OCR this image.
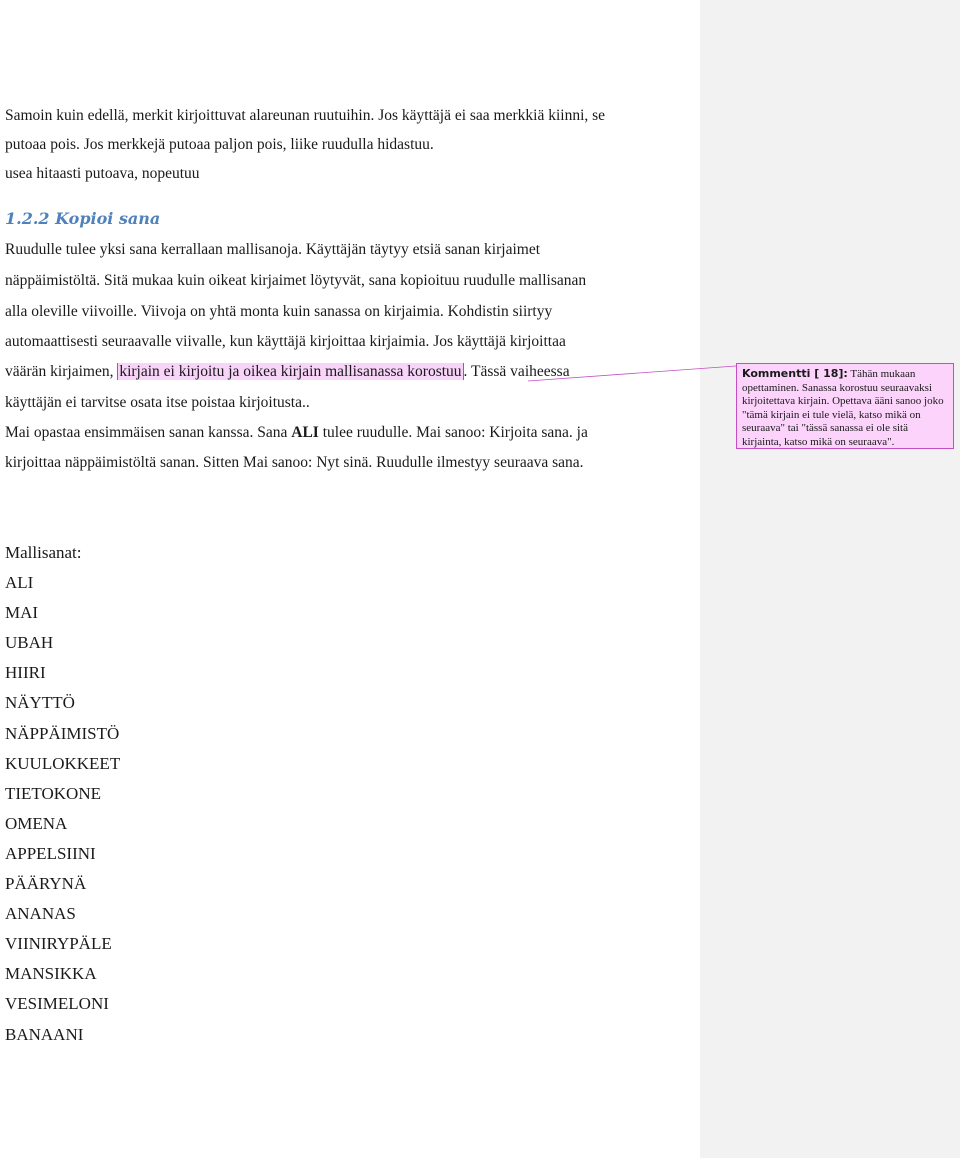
Samoin kuin edellä, merkit kirjoittuvat alareunan ruutuihin. Jos käyttäjä ei saa merkkiä kiinni, se
putoaa pois. Jos merkkejä putoaa paljon pois, liike ruudulla hidastuu.
usea hitaasti putoava, nopeutuu
1.2.2 Kopioi sana
Ruudulle tulee yksi sana kerrallaan mallisanoja. Käyttäjän täytyy etsiä sanan kirjaimet
näppäimistöltä. Sitä mukaa kuin oikeat kirjaimet löytyvät, sana kopioituu ruudulle mallisanan
alla oleville viivoille. Viivoja on yhtä monta kuin sanassa on kirjaimia. Kohdistin siirtyy
automaattisesti seuraavalle viivalle, kun käyttäjä kirjoittaa kirjaimia. Jos käyttäjä kirjoittaa
väärän kirjaimen, kirjain ei kirjoitu ja oikea kirjain mallisanassa korostuu . Tässä vaiheessa
käyttäjän ei tarvitse osata itse poistaa kirjoitusta..
Mai opastaa ensimmäisen sanan kanssa. Sana ALI tulee ruudulle. Mai sanoo: Kirjoita sana. ja
kirjoittaa näppäimistöltä sanan. Sitten Mai sanoo: Nyt sinä. Ruudulle ilmestyy seuraava sana.
Mallisanat:
ALI
MAI
UBAH
HIIRI
NÄYTTÖ
NÄPPÄIMISTÖ
KUULOKKEET
TIETOKONE
OMENA
APPELSIINI
PÄÄRYNÄ
ANANAS
VIINIRYPÄLE
MANSIKKA
VESIMELONI
BANAANI
Kommentti [ 18]: Tähän mukaan opettaminen. Sanassa korostuu seuraavaksi kirjoitettava kirjain. Opettava ääni sanoo joko "tämä kirjain ei tule vielä, katso mikä on seuraava" tai "tässä sanassa ei ole sitä kirjainta, katso mikä on seuraava".
